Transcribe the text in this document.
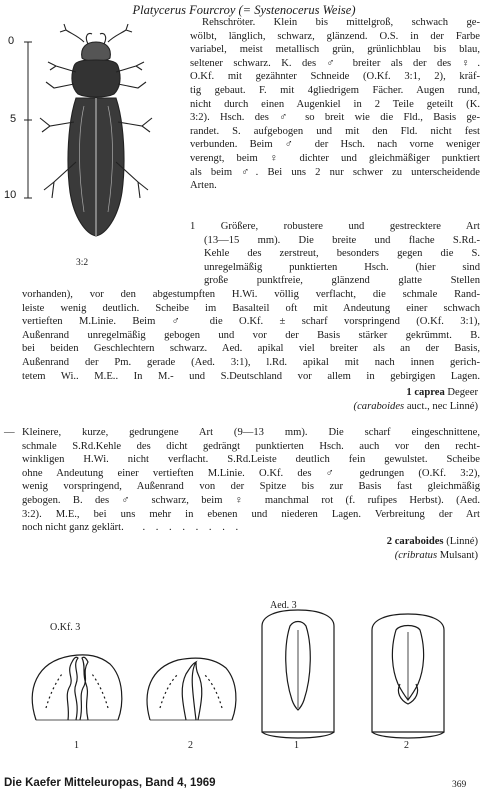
Platycerus Fourcroy (= Systenocerus Weise)
0
5
10
3:2
Rehschröter. Klein bis mittelgroß, schwach ge-
wölbt, länglich, schwarz, glänzend. O.S. in der Farbe
variabel, meist metallisch grün, grünlichblau bis blau,
seltener schwarz. K. des ♂ breiter als der des ♀.
O.Kf. mit gezähnter Schneide (O.Kf. 3:1, 2), kräf-
tig gebaut. F. mit 4gliedrigem Fächer. Augen rund,
nicht durch einen Augenkiel in 2 Teile geteilt (K.
3:2). Hsch. des ♂ so breit wie die Fld., Basis ge-
randet. S. aufgebogen und mit den Fld. nicht fest
verbunden. Beim ♂ der Hsch. nach vorne weniger
verengt, beim ♀ dichter und gleichmäßiger punktiert
als beim ♂. Bei uns 2 nur schwer zu unterscheidende
Arten.
1 Größere, robustere und gestrecktere Art
(13—15 mm). Die breite und flache S.Rd.-
Kehle des zerstreut, besonders gegen die S.
unregelmäßig punktierten Hsch. (hier sind
große punktfreie, glänzend glatte Stellen
vorhanden), vor den abgestumpften H.Wi. völlig verflacht, die schmale Rand-
leiste wenig deutlich. Scheibe im Basalteil oft mit Andeutung einer schwach
vertieften M.Linie. Beim ♂ die O.Kf. ± scharf vorspringend (O.Kf. 3:1),
Außenrand unregelmäßig gebogen und vor der Basis stärker gekrümmt. B.
bei beiden Geschlechtern schwarz. Aed. apikal viel breiter als an der Basis,
Außenrand der Pm. gerade (Aed. 3:1), l.Rd. apikal mit nach innen gerich-
tetem Wi.. M.E.. In M.- und S.Deutschland vor allem in gebirgigen Lagen.
1 caprea Degeer
(caraboides auct., nec Linné)
— Kleinere, kurze, gedrungene Art (9—13 mm). Die scharf eingeschnittene,
schmale S.Rd.Kehle des dicht gedrängt punktierten Hsch. auch vor den recht-
winkligen H.Wi. nicht verflacht. S.Rd.Leiste deutlich fein gewulstet. Scheibe
ohne Andeutung einer vertieften M.Linie. O.Kf. des ♂ gedrungen (O.Kf. 3:2),
wenig vorspringend, Außenrand von der Spitze bis zur Basis fast gleichmäßig
gebogen. B. des ♂ schwarz, beim ♀ manchmal rot (f. rufipes Herbst). (Aed.
3:2). M.E., bei uns mehr in ebenen und niederen Lagen. Verbreitung der Art
noch nicht ganz geklärt. . . . . . . . .
2 caraboides (Linné)
(cribratus Mulsant)
O.Kf. 3
Aed. 3
1	2	1	2
Die Kaefer Mitteleuropas, Band 4, 1969	369
